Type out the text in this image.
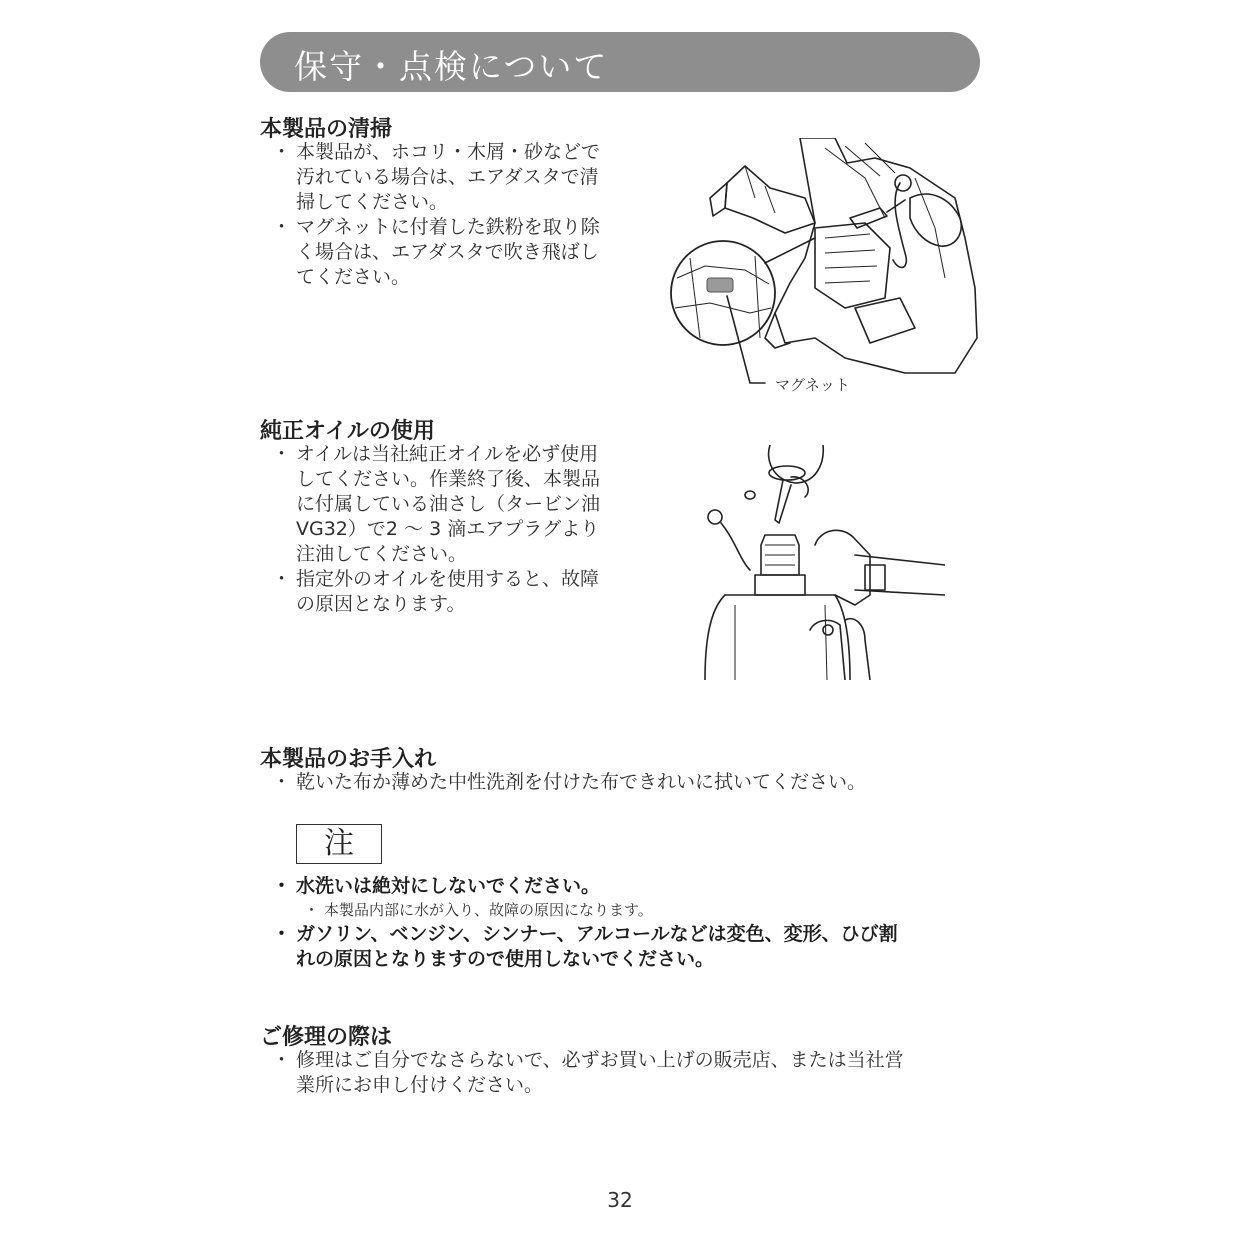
保守・点検について
本製品の清掃
・ 本製品が、ホコリ・木屑・砂などで
汚れている場合は、エアダスタで清
掃してください。
・ マグネットに付着した鉄粉を取り除
く場合は、エアダスタで吹き飛ばし
てください。
マグネット
純正オイルの使用
・ オイルは当社純正オイルを必ず使用
してください。作業終了後、本製品
に付属している油さし（タービン油
VG32）で2 ～ 3 滴エアプラグより
注油してください。
・ 指定外のオイルを使用すると、故障
の原因となります。
本製品のお手入れ
・ 乾いた布か薄めた中性洗剤を付けた布できれいに拭いてください。
注
・ 水洗いは絶対にしないでください。
・ 本製品内部に水が入り、故障の原因になります。
・ ガソリン、ベンジン、シンナー、アルコールなどは変色、変形、ひび割
れの原因となりますので使用しないでください。
ご修理の際は
・ 修理はご自分でなさらないで、必ずお買い上げの販売店、または当社営
業所にお申し付けください。
32
